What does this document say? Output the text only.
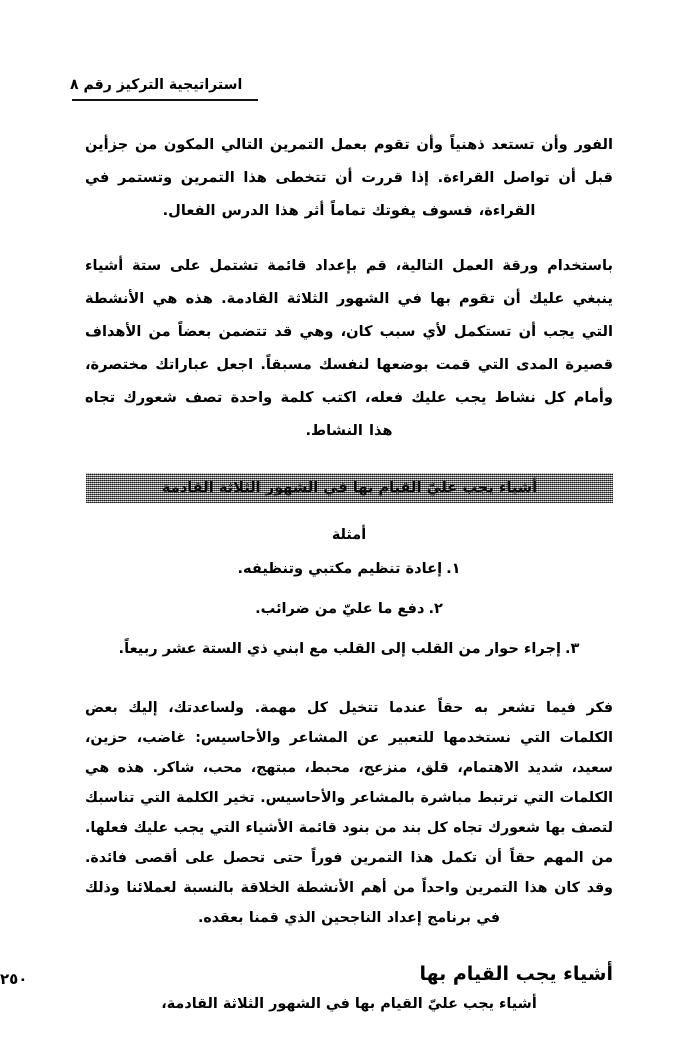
استراتيجية التركيز رقم ٨

الفور وأن تستعد ذهنياً وأن تقوم بعمل التمرين التالي المكون من جزأين قبل أن تواصل القراءة. إذا قررت أن تتخطى هذا التمرين وتستمر في القراءة، فسوف يفوتك تماماً أثر هذا الدرس الفعال.

باستخدام ورقة العمل التالية، قم بإعداد قائمة تشتمل على ستة أشياء ينبغي عليك أن تقوم بها في الشهور الثلاثة القادمة. هذه هي الأنشطة التي يجب أن تستكمل لأي سبب كان، وهي قد تتضمن بعضاً من الأهداف قصيرة المدى التي قمت بوضعها لنفسك مسبقاً. اجعل عباراتك مختصرة، وأمام كل نشاط يجب عليك فعله، اكتب كلمة واحدة تصف شعورك تجاه هذا النشاط.

أشياء يجب عليّ القيام بها في الشهور الثلاثة القادمة

أمثلة

١.إعادة تنظيم مكتبي وتنظيفه.
٢.دفع ما عليّ من ضرائب.
٣.إجراء حوار من القلب إلى القلب مع ابني ذي الستة عشر ربيعاً.

فكر فيما تشعر به حقاً عندما تتخيل كل مهمة. ولساعدتك، إليك بعض الكلمات التي نستخدمها للتعبير عن المشاعر والأحاسيس: غاضب، حزين، سعيد، شديد الاهتمام، قلق، منزعج، محبط، مبتهج، محب، شاكر. هذه هي الكلمات التي ترتبط مباشرة بالمشاعر والأحاسيس. تخير الكلمة التي تناسبك لتصف بها شعورك تجاه كل بند من بنود قائمة الأشياء التي يجب عليك فعلها. من المهم حقاً أن تكمل هذا التمرين فوراً حتى تحصل على أقصى فائدة. وقد كان هذا التمرين واحداً من أهم الأنشطة الخلاقة بالنسبة لعملائنا وذلك في برنامج إعداد الناجحين الذي قمنا بعقده.

أشياء يجب القيام بها

أشياء يجب عليّ القيام بها في الشهور الثلاثة القادمة،

٢٥٠
